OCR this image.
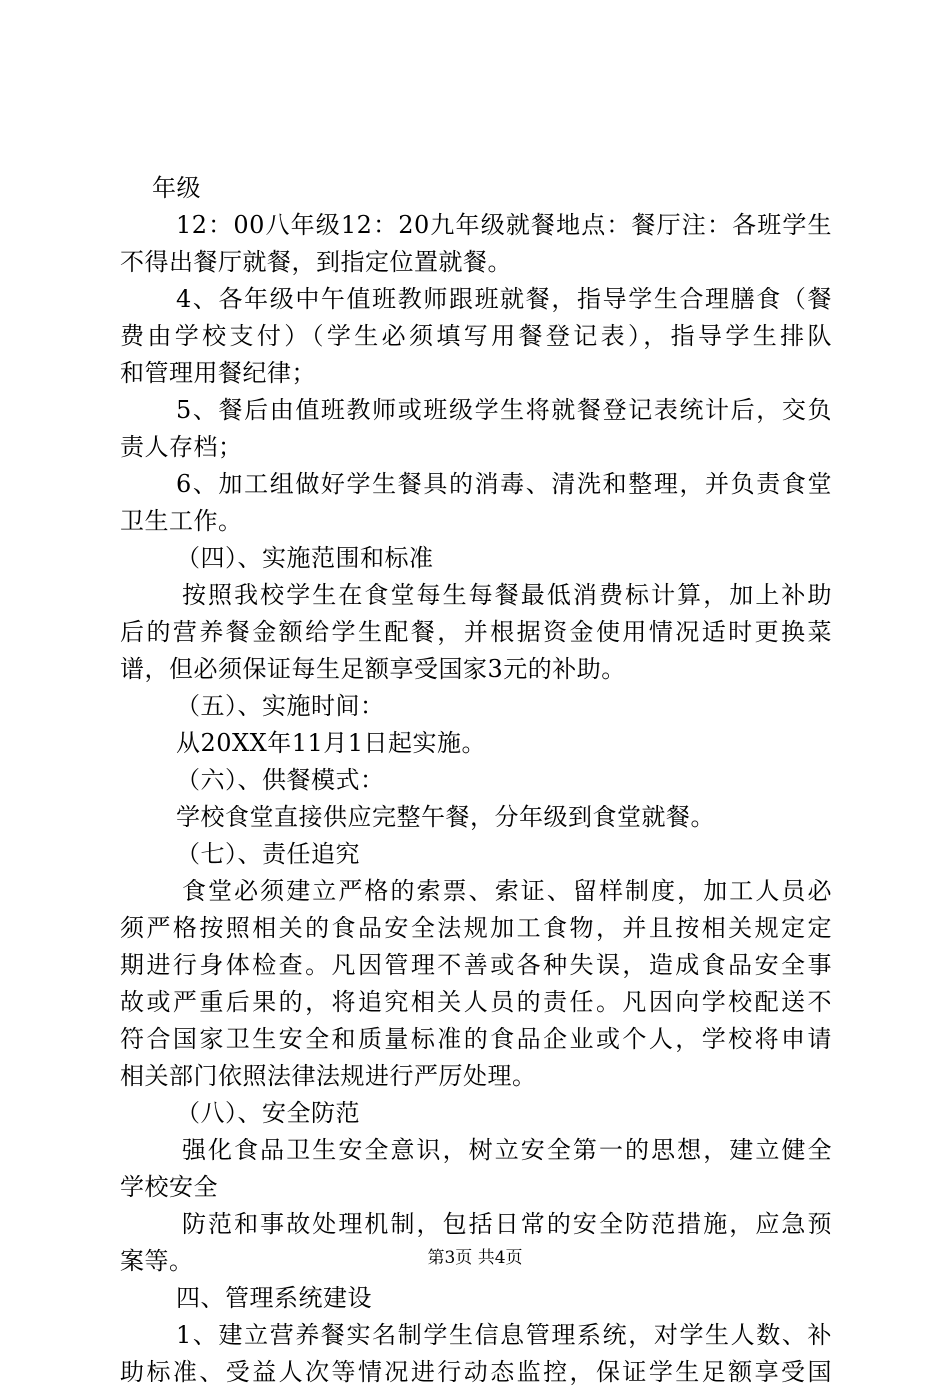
年级
12：00八年级12：20九年级就餐地点：餐厅注：各班学生
不得出餐厅就餐，到指定位置就餐。
4、各年级中午值班教师跟班就餐，指导学生合理膳食（餐
费由学校支付）（学生必须填写用餐登记表），指导学生排队
和管理用餐纪律；
5、餐后由值班教师或班级学生将就餐登记表统计后，交负
责人存档；
6、加工组做好学生餐具的消毒、清洗和整理，并负责食堂
卫生工作。
（四）、实施范围和标准
按照我校学生在食堂每生每餐最低消费标计算，加上补助
后的营养餐金额给学生配餐，并根据资金使用情况适时更换菜
谱，但必须保证每生足额享受国家3元的补助。
（五）、实施时间：
从20XX年11月1日起实施。
（六）、供餐模式：
学校食堂直接供应完整午餐，分年级到食堂就餐。
（七）、责任追究
食堂必须建立严格的索票、索证、留样制度，加工人员必
须严格按照相关的食品安全法规加工食物，并且按相关规定定
期进行身体检查。凡因管理不善或各种失误，造成食品安全事
故或严重后果的，将追究相关人员的责任。凡因向学校配送不
符合国家卫生安全和质量标准的食品企业或个人，学校将申请
相关部门依照法律法规进行严厉处理。
（八）、安全防范
强化食品卫生安全意识，树立安全第一的思想，建立健全
学校安全
防范和事故处理机制，包括日常的安全防范措施，应急预
案等。
四、管理系统建设
1、建立营养餐实名制学生信息管理系统，对学生人数、补
助标准、受益人次等情况进行动态监控，保证学生足额享受国
第3页 共4页
